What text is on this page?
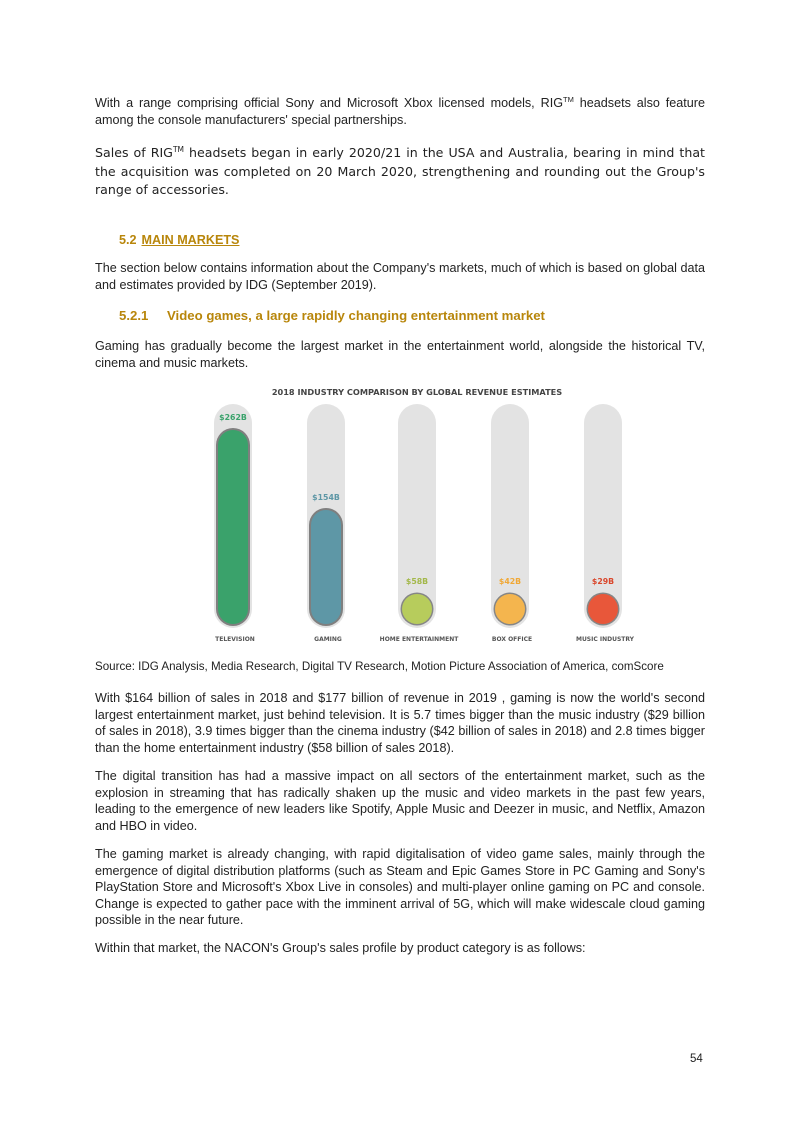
With a range comprising official Sony and Microsoft Xbox licensed models, RIG™ headsets also feature among the console manufacturers' special partnerships.

Sales of RIG™ headsets began in early 2020/21 in the USA and Australia, bearing in mind that the acquisition was completed on 20 March 2020, strengthening and rounding out the Group's range of accessories.

5.2 MAIN MARKETS

The section below contains information about the Company's markets, much of which is based on global data and estimates provided by IDG (September 2019).

5.2.1 Video games, a large rapidly changing entertainment market

Gaming has gradually become the largest market in the entertainment world, alongside the historical TV, cinema and music markets.

2018 INDUSTRY COMPARISON BY GLOBAL REVENUE ESTIMATES
$262B
TELEVISION
$154B
GAMING
$58B
HOME ENTERTAINMENT
$42B
BOX OFFICE
$29B
MUSIC INDUSTRY

Source: IDG Analysis, Media Research, Digital TV Research, Motion Picture Association of America, comScore

With $164 billion of sales in 2018 and $177 billion of revenue in 2019 , gaming is now the world's second largest entertainment market, just behind television. It is 5.7 times bigger than the music industry ($29 billion of sales in 2018), 3.9 times bigger than the cinema industry ($42 billion of sales in 2018) and 2.8 times bigger than the home entertainment industry ($58 billion of sales 2018).

The digital transition has had a massive impact on all sectors of the entertainment market, such as the explosion in streaming that has radically shaken up the music and video markets in the past few years, leading to the emergence of new leaders like Spotify, Apple Music and Deezer in music, and Netflix, Amazon and HBO in video.

The gaming market is already changing, with rapid digitalisation of video game sales, mainly through the emergence of digital distribution platforms (such as Steam and Epic Games Store in PC Gaming and Sony's PlayStation Store and Microsoft's Xbox Live in consoles) and multi-player online gaming on PC and console. Change is expected to gather pace with the imminent arrival of 5G, which will make widescale cloud gaming possible in the near future.

Within that market, the NACON's Group's sales profile by product category is as follows:

54
